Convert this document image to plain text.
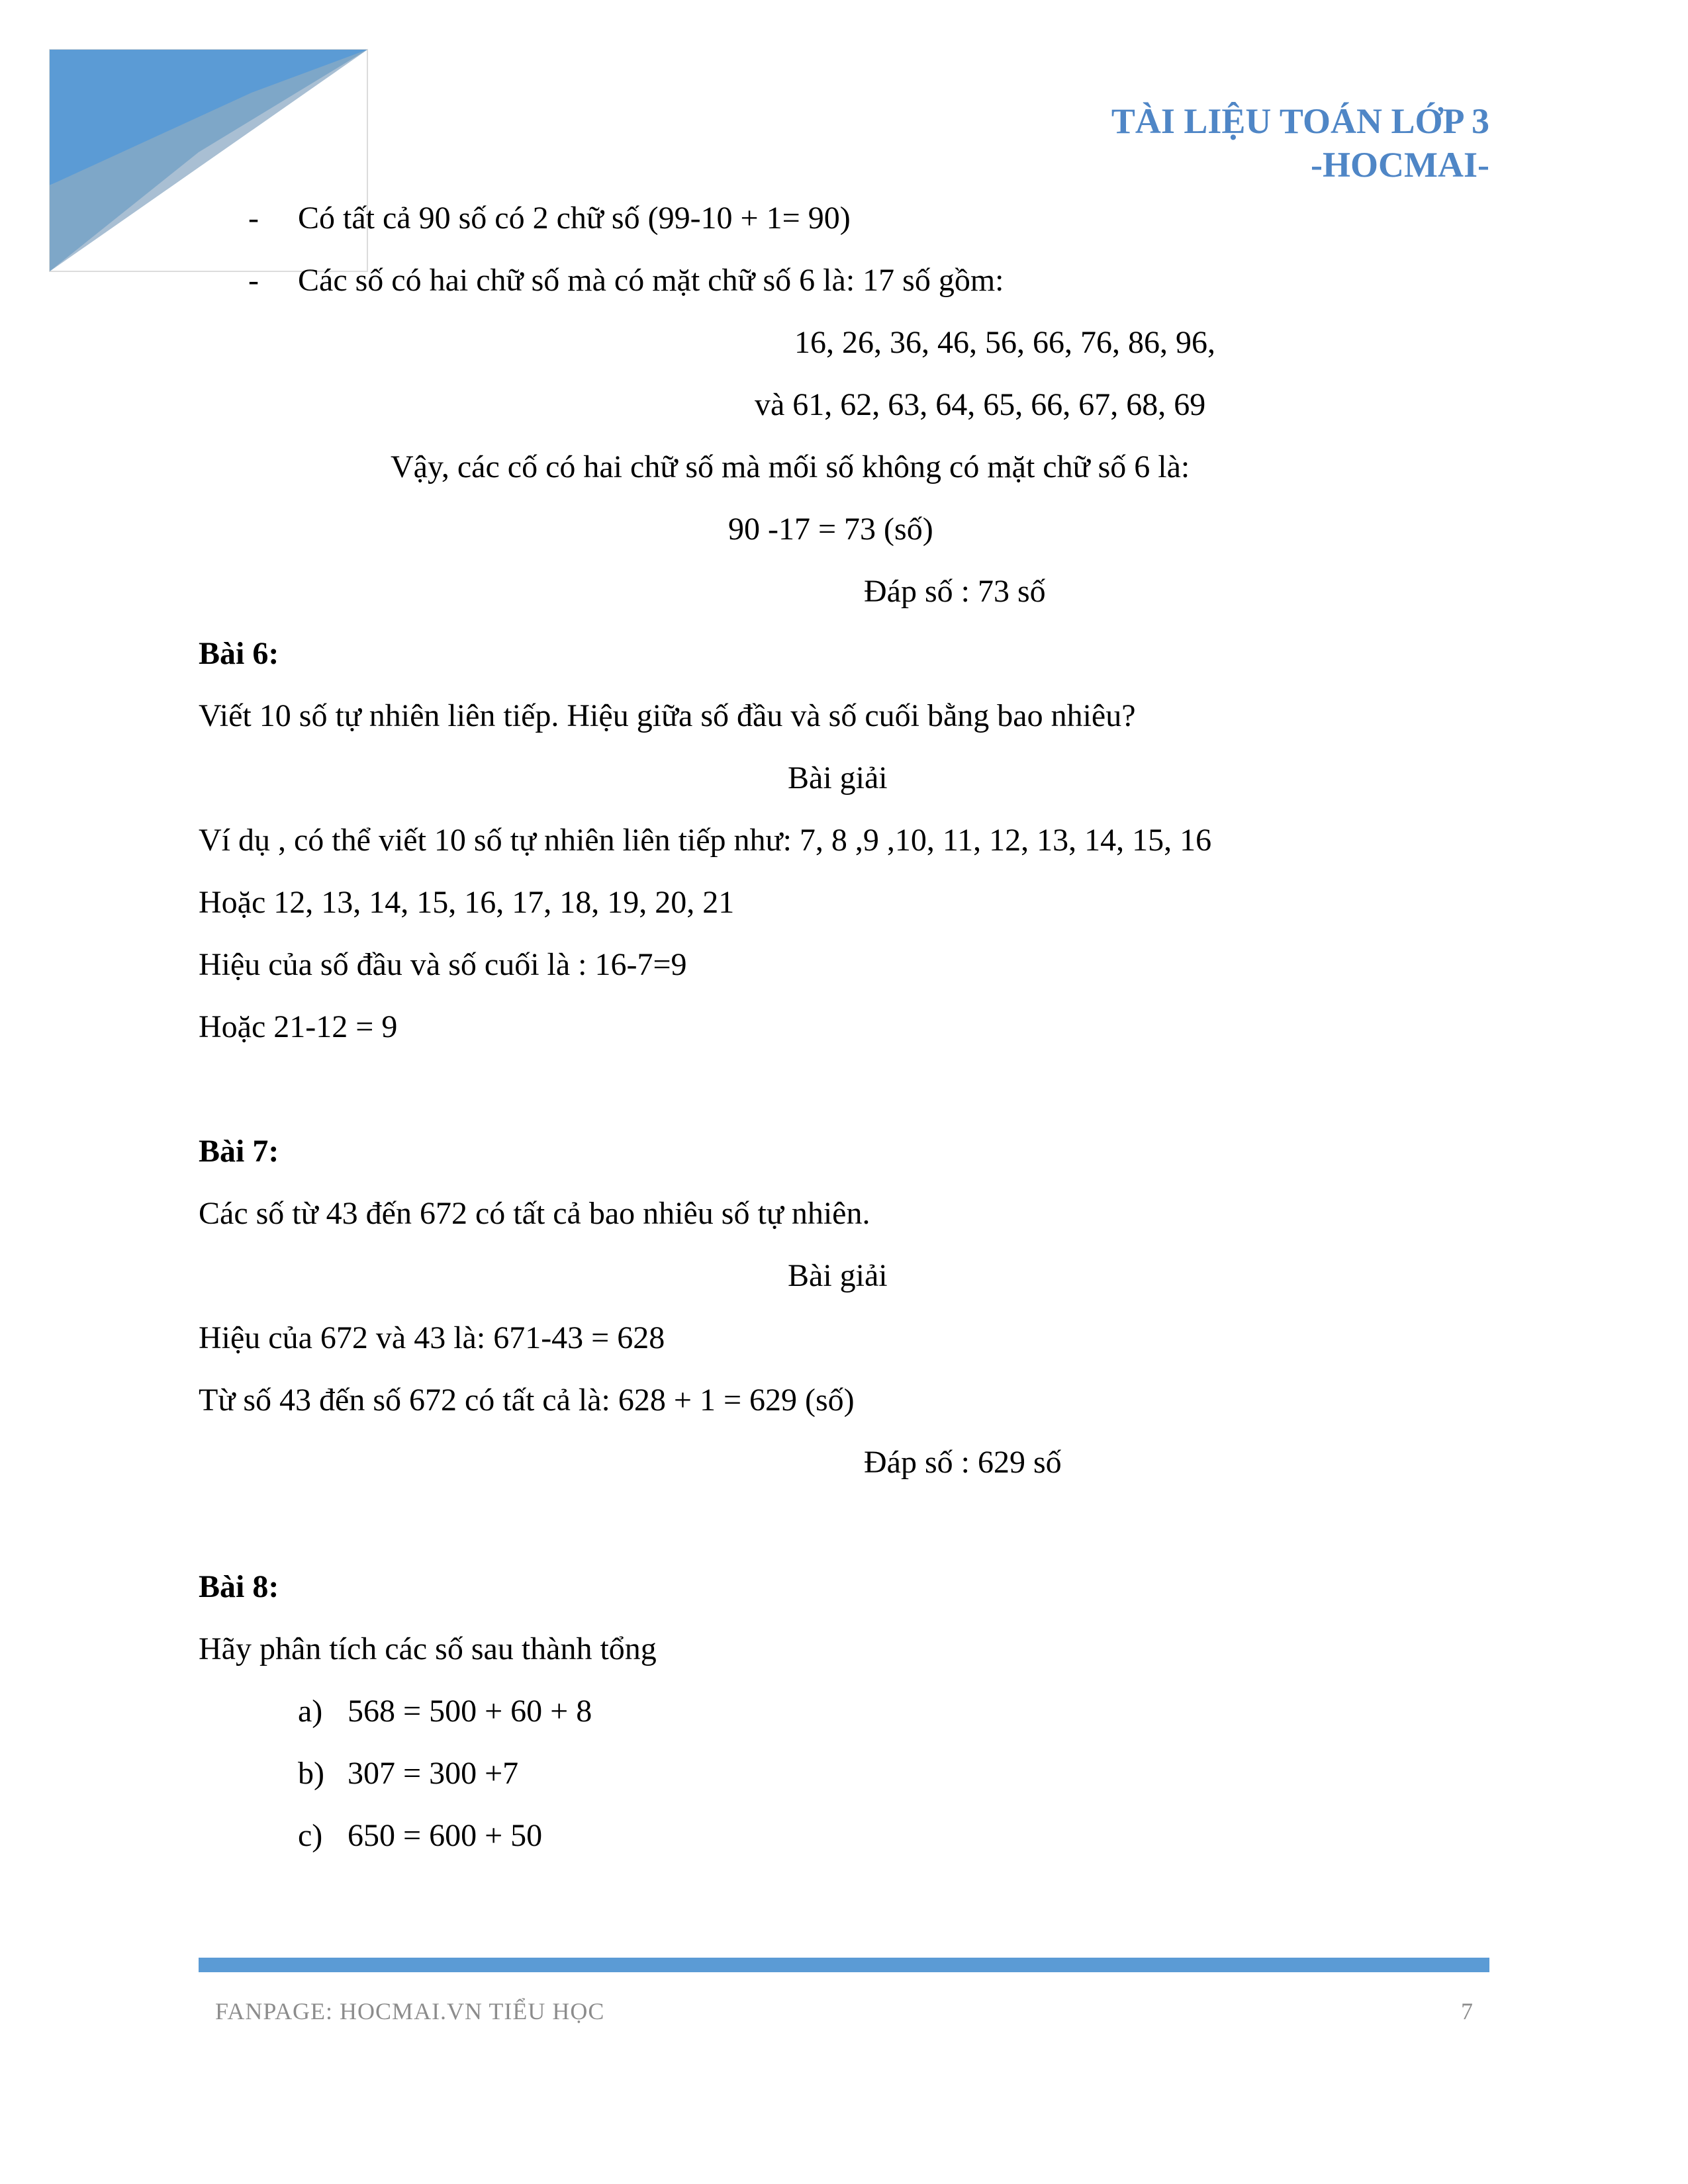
TÀI LIỆU TOÁN LỚP 3
-HOCMAI-
- Có tất cả 90 số có 2 chữ số (99-10 + 1= 90)
- Các số có hai chữ số mà có mặt chữ số 6 là: 17 số gồm:
16, 26, 36, 46, 56, 66, 76, 86, 96,
và 61, 62, 63, 64, 65, 66, 67, 68, 69
Vậy, các cố có hai chữ số mà mối số không có mặt chữ số 6 là:
90 -17 = 73 (số)
Đáp số : 73 số
Bài 6:
Viết 10 số tự nhiên liên tiếp. Hiệu giữa số đầu và số cuối bằng bao nhiêu?
Bài giải
Ví dụ , có thể viết 10 số tự nhiên liên tiếp như: 7, 8 ,9 ,10, 11, 12, 13, 14, 15, 16
Hoặc 12, 13, 14, 15, 16, 17, 18, 19, 20, 21
Hiệu của số đầu và số cuối là : 16-7=9
Hoặc 21-12 = 9
Bài 7:
Các số từ 43 đến 672 có tất cả bao nhiêu số tự nhiên.
Bài giải
Hiệu của 672 và 43 là: 671-43 = 628
Từ số 43 đến số 672 có tất cả là: 628 + 1 = 629 (số)
Đáp số : 629 số
Bài 8:
Hãy phân tích các số sau thành tổng
a) 568 = 500 + 60 + 8
b) 307 = 300 +7
c) 650 = 600 + 50
FANPAGE: HOCMAI.VN TIỂU HỌC	7
